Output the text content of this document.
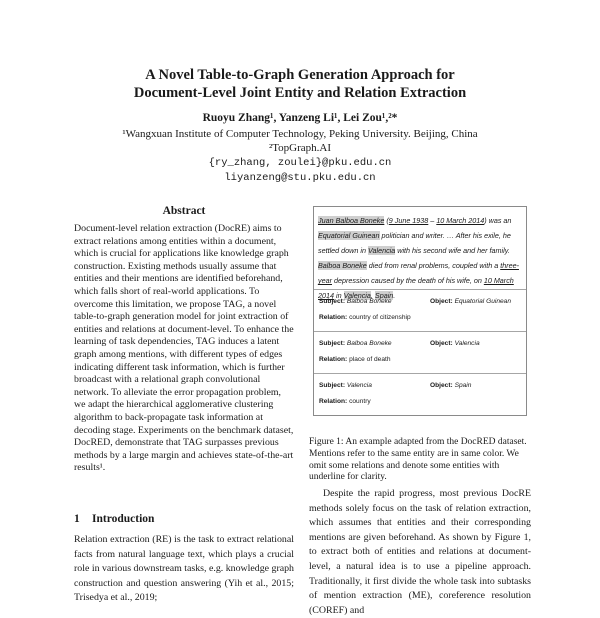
A Novel Table-to-Graph Generation Approach for
Document-Level Joint Entity and Relation Extraction
Ruoyu Zhang¹, Yanzeng Li¹, Lei Zou¹,²*
¹Wangxuan Institute of Computer Technology, Peking University. Beijing, China
²TopGraph.AI
{ry_zhang, zoulei}@pku.edu.cn
liyanzeng@stu.pku.edu.cn
Abstract

Document-level relation extraction (DocRE) aims to extract relations among entities within a document, which is crucial for applications like knowledge graph construction. Existing methods usually assume that entities and their mentions are identified beforehand, which falls short of real-world applications. To overcome this limitation, we propose TAG, a novel table-to-graph generation model for joint extraction of entities and relations at document-level. To enhance the learning of task dependencies, TAG induces a latent graph among mentions, with different types of edges indicating different task information, which is further broadcast with a relational graph convolutional network. To alleviate the error propagation problem, we adapt the hierarchical agglomerative clustering algorithm to back-propagate task information at decoding stage. Experiments on the benchmark dataset, DocRED, demonstrate that TAG surpasses previous methods by a large margin and achieves state-of-the-art results¹.

1 Introduction
Relation extraction (RE) is the task to extract relational facts from natural language text, which plays a crucial role in various downstream tasks, e.g. knowledge graph construction and question answering (Yih et al., 2015; Trisedya et al., 2019;
Juan Balboa Boneke (9 June 1938 – 10 March 2014) was an Equatorial Guinean politician and writer. … After his exile, he settled down in Valencia with his second wife and her family. Balboa Boneke died from renal problems, coupled with a three-year depression caused by the death of his wife, on 10 March 2014 in Valencia, Spain.
Subject: Balboa Boneke	Object: Equatorial Guinean
Relation: country of citizenship
Subject: Balboa Boneke	Object: Valencia
Relation: place of death
Subject: Valencia	Object: Spain
Relation: country
Figure 1: An example adapted from the DocRED dataset. Mentions refer to the same entity are in same color. We omit some relations and denote some entities with underline for clarity.

Despite the rapid progress, most previous DocRE methods solely focus on the task of relation extraction, which assumes that entities and their corresponding mentions are given beforehand. As shown by Figure 1, to extract both of entities and relations at document-level, a natural idea is to use a pipeline approach. Traditionally, it first divide the whole task into subtasks of mention extraction (ME), coreference resolution (COREF) and
